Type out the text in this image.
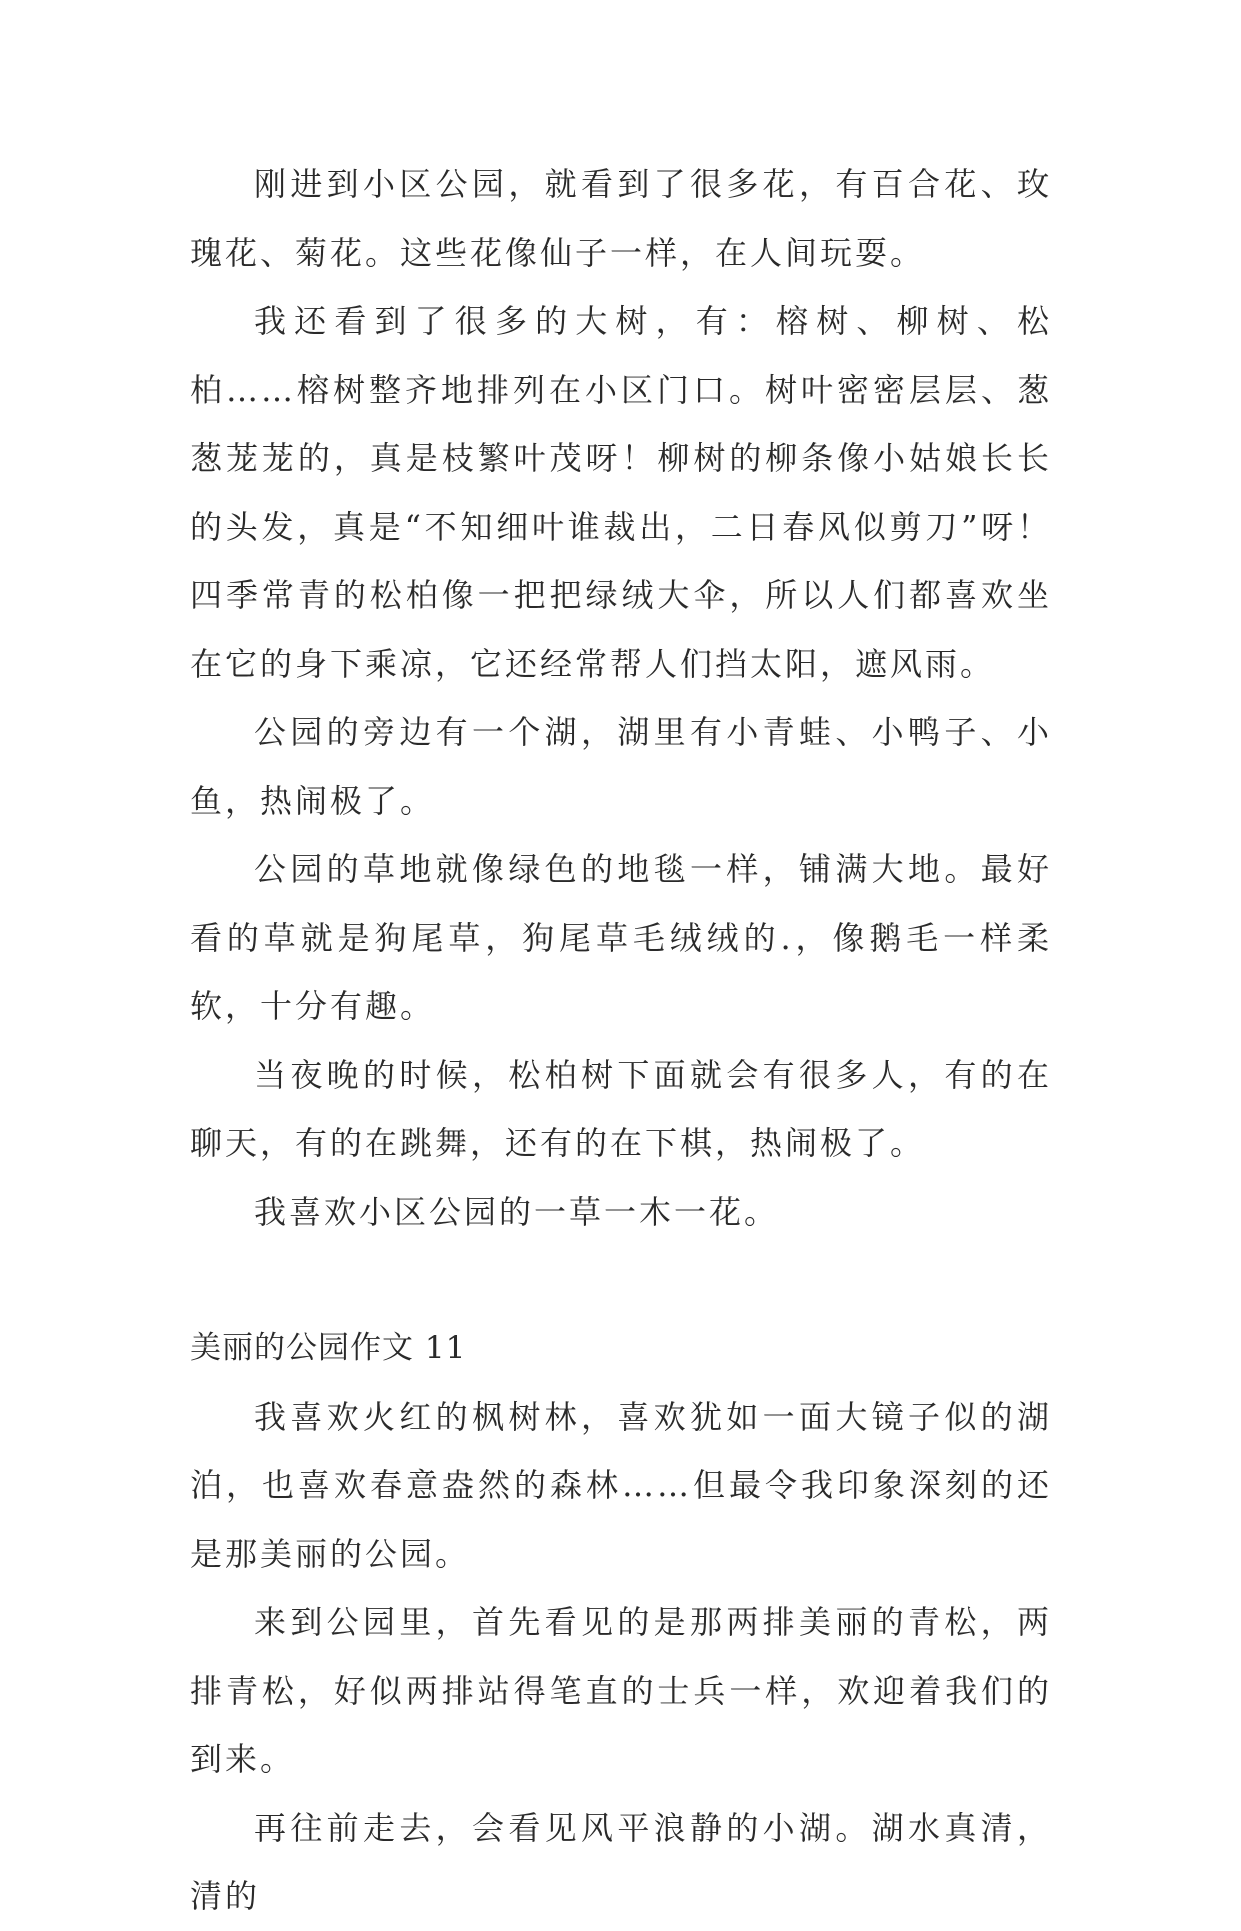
刚进到小区公园，就看到了很多花，有百合花、玫瑰花、菊花。这些花像仙子一样，在人间玩耍。

我还看到了很多的大树，有：榕树、柳树、松柏……榕树整齐地排列在小区门口。树叶密密层层、葱葱茏茏的，真是枝繁叶茂呀！柳树的柳条像小姑娘长长的头发，真是“不知细叶谁裁出，二日春风似剪刀”呀！四季常青的松柏像一把把绿绒大伞，所以人们都喜欢坐在它的身下乘凉，它还经常帮人们挡太阳，遮风雨。

公园的旁边有一个湖，湖里有小青蛙、小鸭子、小鱼，热闹极了。

公园的草地就像绿色的地毯一样，铺满大地。最好看的草就是狗尾草，狗尾草毛绒绒的.，像鹅毛一样柔软，十分有趣。

当夜晚的时候，松柏树下面就会有很多人，有的在聊天，有的在跳舞，还有的在下棋，热闹极了。

我喜欢小区公园的一草一木一花。

美丽的公园作文 11

我喜欢火红的枫树林，喜欢犹如一面大镜子似的湖泊，也喜欢春意盎然的森林……但最令我印象深刻的还是那美丽的公园。

来到公园里，首先看见的是那两排美丽的青松，两排青松，好似两排站得笔直的士兵一样，欢迎着我们的到来。

再往前走去，会看见风平浪静的小湖。湖水真清，清的
